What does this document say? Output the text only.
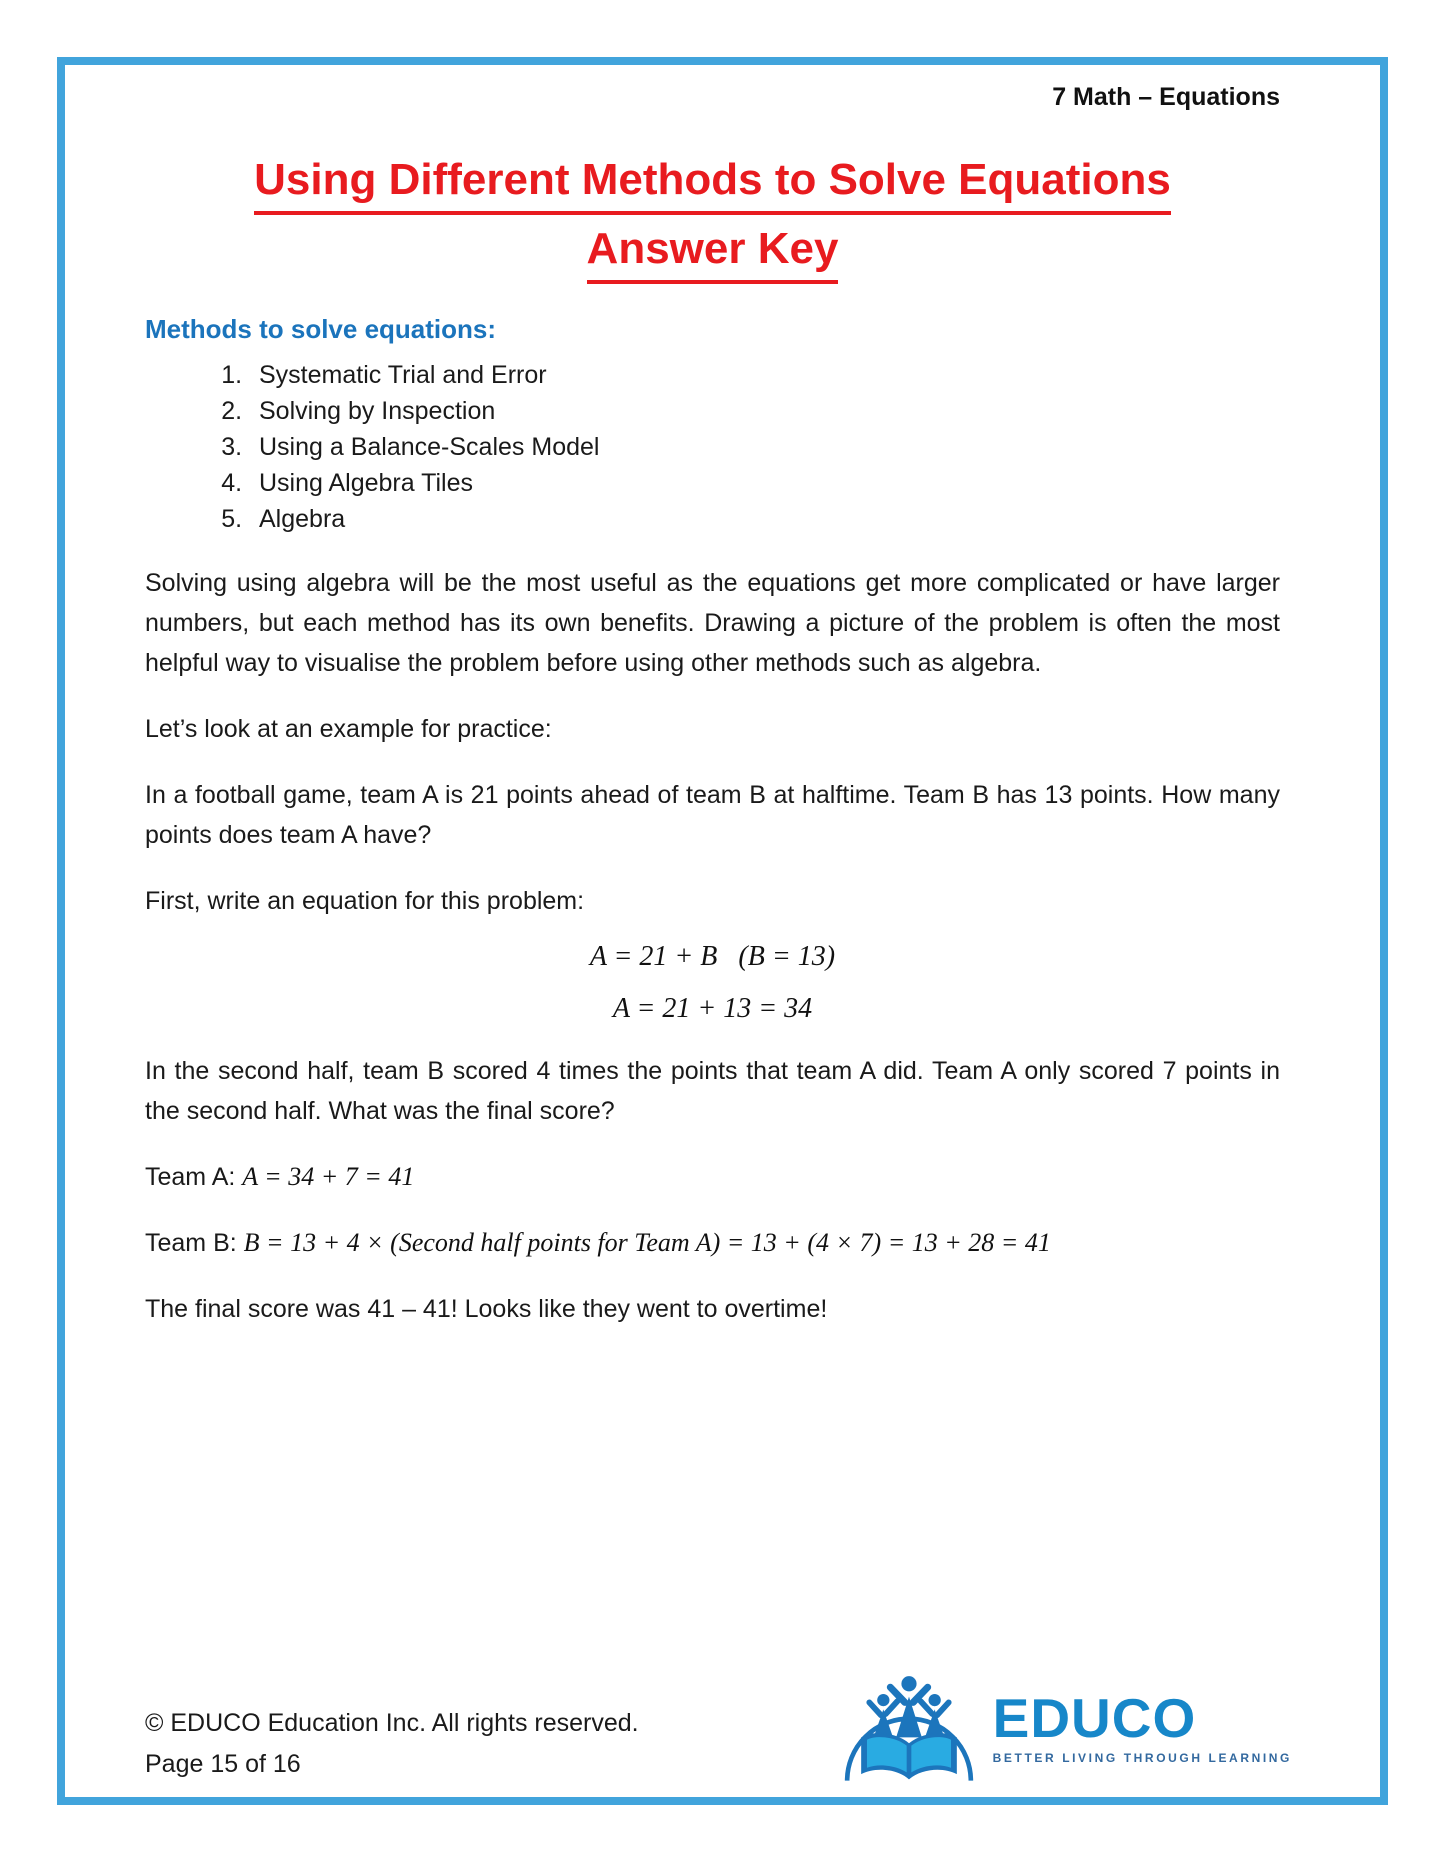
7 Math – Equations
Using Different Methods to Solve Equations
Answer Key
Methods to solve equations:
1. Systematic Trial and Error
2. Solving by Inspection
3. Using a Balance-Scales Model
4. Using Algebra Tiles
5. Algebra

Solving using algebra will be the most useful as the equations get more complicated or have larger numbers, but each method has its own benefits. Drawing a picture of the problem is often the most helpful way to visualise the problem before using other methods such as algebra.

Let’s look at an example for practice:

In a football game, team A is 21 points ahead of team B at halftime. Team B has 13 points. How many points does team A have?

First, write an equation for this problem:

A = 21 + B   (B = 13)
A = 21 + 13 = 34

In the second half, team B scored 4 times the points that team A did. Team A only scored 7 points in the second half. What was the final score?

Team A: A = 34 + 7 = 41

Team B: B = 13 + 4 × (Second half points for Team A) = 13 + (4 × 7) = 13 + 28 = 41

The final score was 41 – 41! Looks like they went to overtime!

© EDUCO Education Inc. All rights reserved.
Page 15 of 16
EDUCO
BETTER LIVING THROUGH LEARNING
